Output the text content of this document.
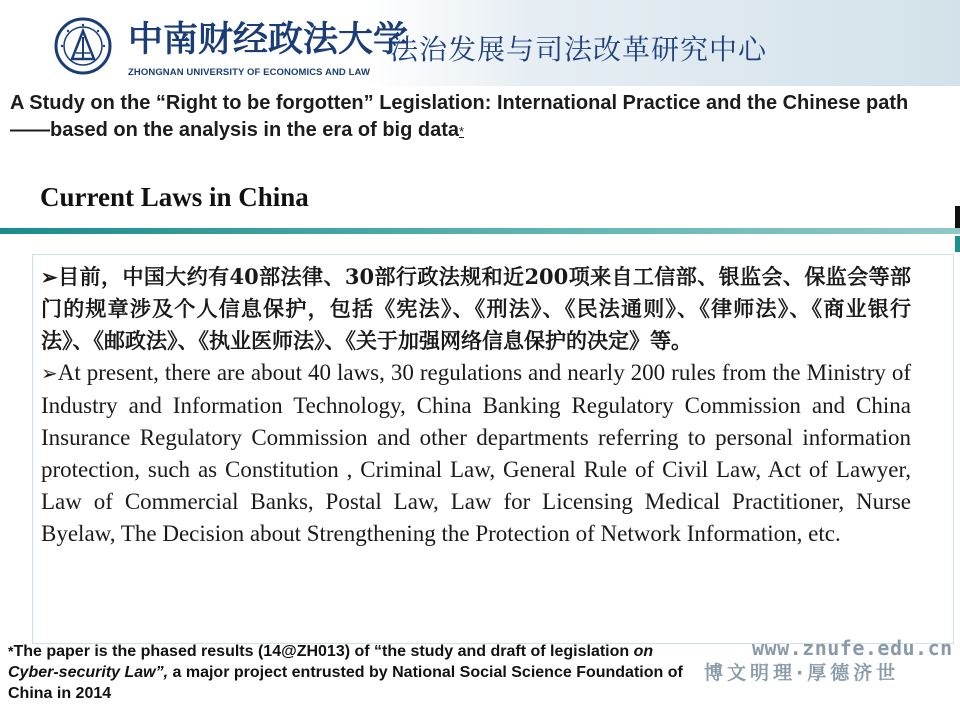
中南财经政法大学
ZHONGNAN UNIVERSITY OF ECONOMICS AND LAW
法治发展与司法改革研究中心
A Study on the “Right to be forgotten” Legislation: International Practice and the Chinese path——based on the analysis in the era of big data*
Current Laws in China

➢目前，中国大约有40部法律、30部行政法规和近200项来自工信部、银监会、保监会等部门的规章涉及个人信息保护，包括《宪法》、《刑法》、《民法通则》、《律师法》、《商业银行法》、《邮政法》、《执业医师法》、《关于加强网络信息保护的决定》等。

➢At present, there are about 40 laws, 30 regulations and nearly 200 rules from the Ministry of Industry and Information Technology, China Banking Regulatory Commission and China Insurance Regulatory Commission and other departments referring to personal information protection, such as Constitution , Criminal Law, General Rule of Civil Law, Act of Lawyer, Law of Commercial Banks, Postal Law, Law for Licensing Medical Practitioner, Nurse Byelaw, The Decision about Strengthening the Protection of Network Information, etc.

*The paper is the phased results (14@ZH013) of “the study and draft of legislation on Cyber-security Law”, a major project entrusted by National Social Science Foundation of China in 2014
www.znufe.edu.cn
博文明理·厚德济世
